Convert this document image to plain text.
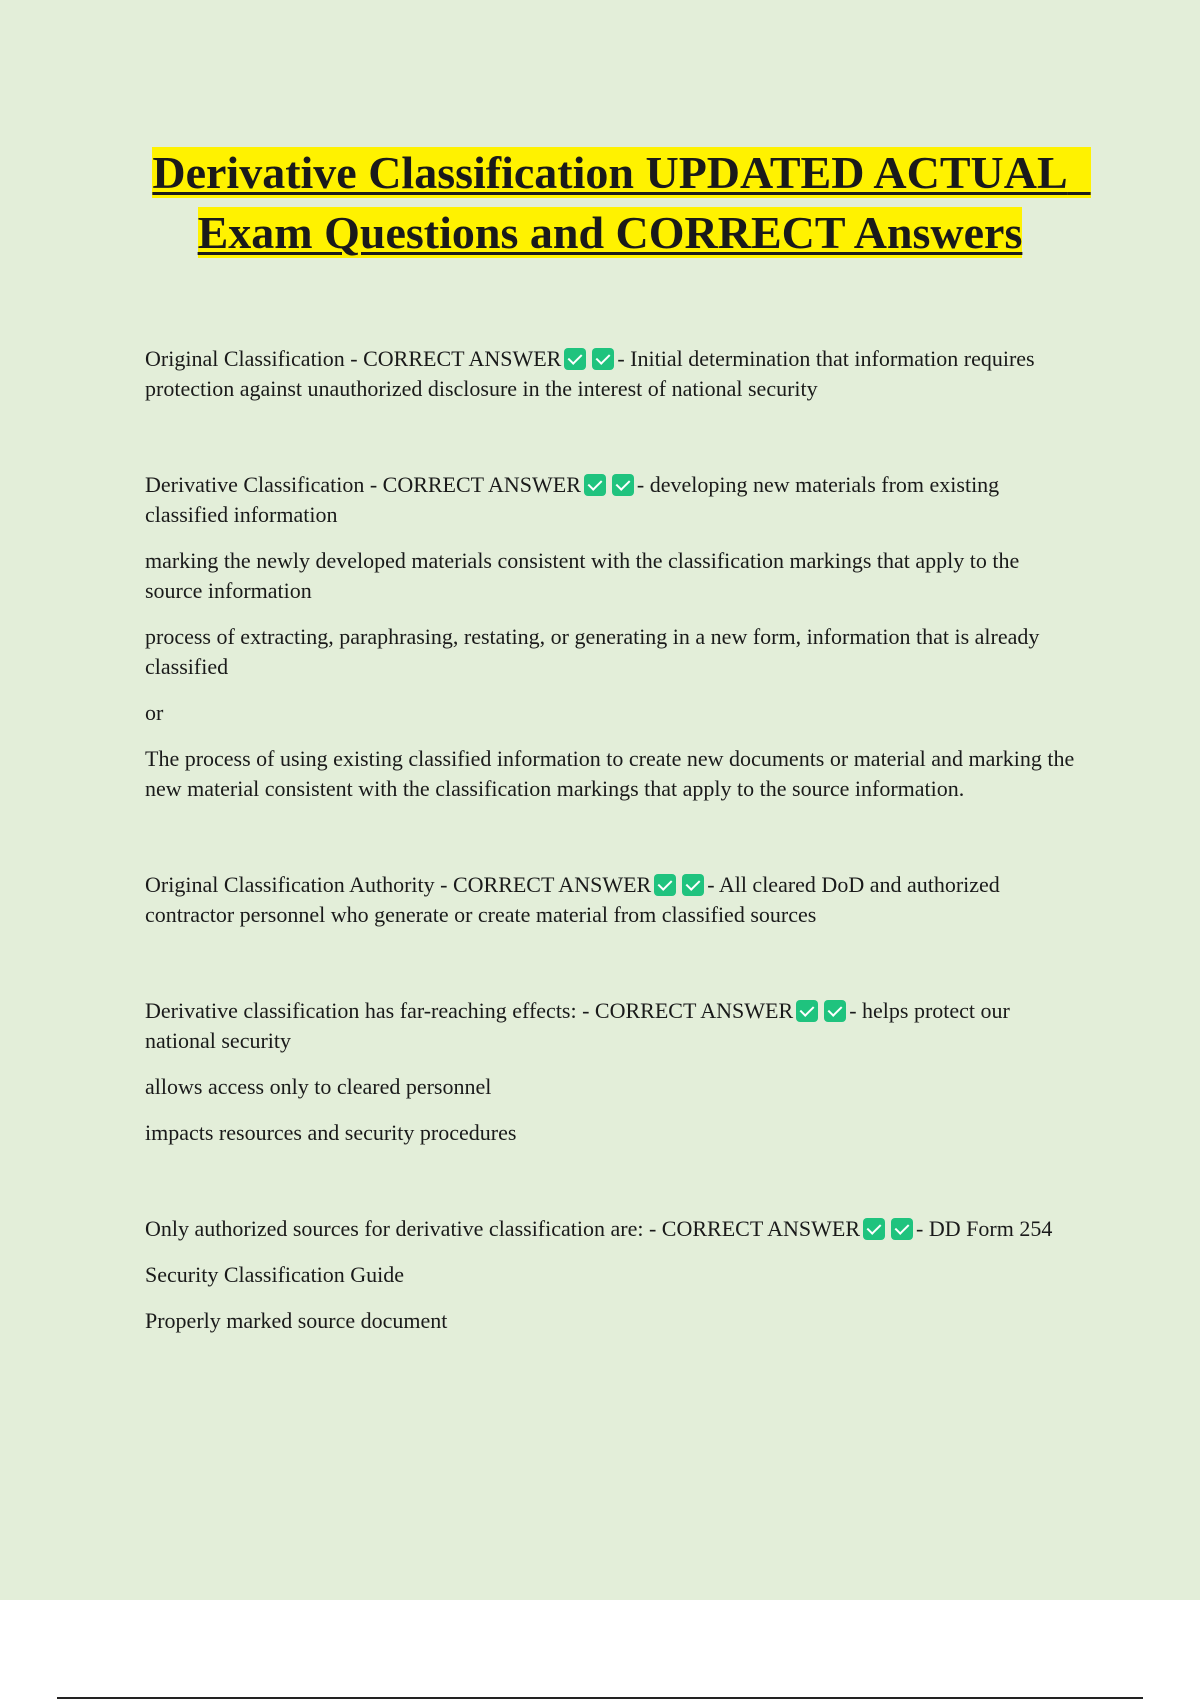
Derivative Classification UPDATED ACTUAL  Exam Questions and CORRECT Answers

Original Classification - CORRECT ANSWER	- Initial determination that information requires protection against unauthorized disclosure in the interest of national security

Derivative Classification - CORRECT ANSWER	- developing new materials from existing classified information

marking the newly developed materials consistent with the classification markings that apply to the source information

process of extracting, paraphrasing, restating, or generating in a new form, information that is already classified

or

The process of using existing classified information to create new documents or material and marking the new material consistent with the classification markings that apply to the source information.

Original Classification Authority - CORRECT ANSWER	- All cleared DoD and authorized contractor personnel who generate or create material from classified sources

Derivative classification has far-reaching effects: - CORRECT ANSWER	- helps protect our national security

allows access only to cleared personnel

impacts resources and security procedures

Only authorized sources for derivative classification are: - CORRECT ANSWER	- DD Form 254

Security Classification Guide

Properly marked source document
